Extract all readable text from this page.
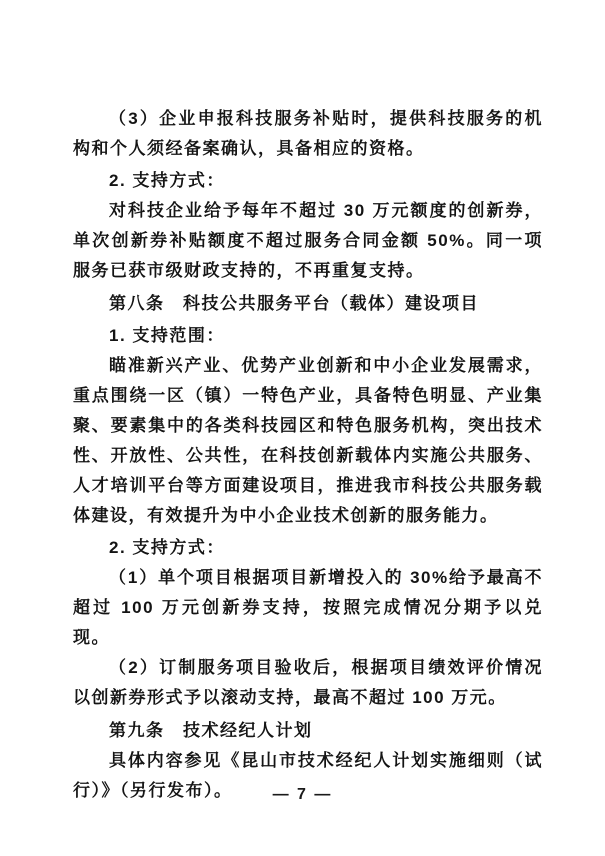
（3）企业申报科技服务补贴时，提供科技服务的机构和个人须经备案确认，具备相应的资格。

2. 支持方式：

对科技企业给予每年不超过 30 万元额度的创新券，单次创新券补贴额度不超过服务合同金额 50%。同一项服务已获市级财政支持的，不再重复支持。

第八条　科技公共服务平台（载体）建设项目

1. 支持范围：

瞄准新兴产业、优势产业创新和中小企业发展需求，重点围绕一区（镇）一特色产业，具备特色明显、产业集聚、要素集中的各类科技园区和特色服务机构，突出技术性、开放性、公共性，在科技创新载体内实施公共服务、人才培训平台等方面建设项目，推进我市科技公共服务载体建设，有效提升为中小企业技术创新的服务能力。

2. 支持方式：

（1）单个项目根据项目新增投入的 30%给予最高不超过 100 万元创新券支持，按照完成情况分期予以兑现。

（2）订制服务项目验收后，根据项目绩效评价情况以创新券形式予以滚动支持，最高不超过 100 万元。

第九条　技术经纪人计划

具体内容参见《昆山市技术经纪人计划实施细则（试行）》（另行发布）。	— 7 —
